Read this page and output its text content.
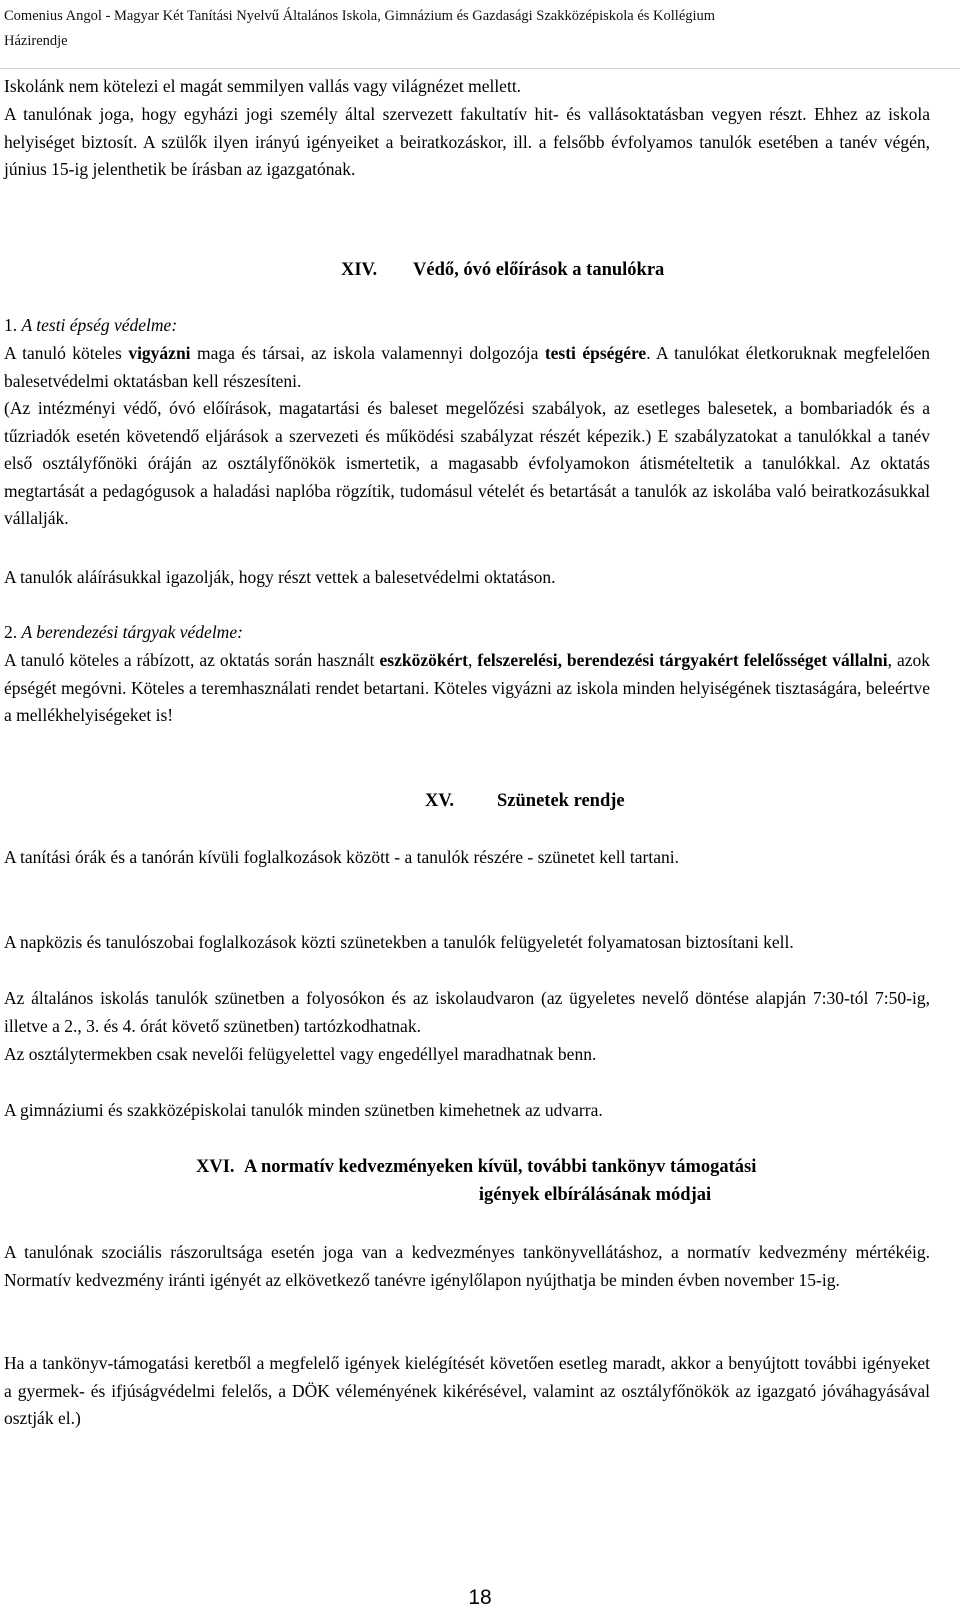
Comenius Angol - Magyar Két Tanítási Nyelvű Általános Iskola, Gimnázium és Gazdasági Szakközépiskola és Kollégium
Házirendje
Iskolánk nem kötelezi el magát semmilyen vallás vagy világnézet mellett.
A tanulónak joga, hogy egyházi jogi személy által szervezett fakultatív hit- és vallásoktatásban vegyen részt. Ehhez az iskola helyiséget biztosít. A szülők ilyen irányú igényeiket a beiratkozáskor, ill. a felsőbb évfolyamos tanulók esetében a tanév végén, június 15-ig jelenthetik be írásban az igazgatónak.
XIV. Védő, óvó előírások a tanulókra
1. A testi épség védelme:
A tanuló köteles vigyázni maga és társai, az iskola valamennyi dolgozója testi épségére. A tanulókat életkoruknak megfelelően balesetvédelmi oktatásban kell részesíteni.
(Az intézményi védő, óvó előírások, magatartási és baleset megelőzési szabályok, az esetleges balesetek, a bombariadók és a tűzriadók esetén követendő eljárások a szervezeti és működési szabályzat részét képezik.) E szabályzatokat a tanulókkal a tanév első osztályfőnöki óráján az osztályfőnökök ismertetik, a magasabb évfolyamokon átismételtetik a tanulókkal. Az oktatás megtartását a pedagógusok a haladási naplóba rögzítik, tudomásul vételét és betartását a tanulók az iskolába való beiratkozásukkal vállalják.
A tanulók aláírásukkal igazolják, hogy részt vettek a balesetvédelmi oktatáson.
2. A berendezési tárgyak védelme:
A tanuló köteles a rábízott, az oktatás során használt eszközökért, felszerelési, berendezési tárgyakért felelősséget vállalni, azok épségét megóvni. Köteles a teremhasználati rendet betartani. Köteles vigyázni az iskola minden helyiségének tisztaságára, beleértve a mellékhelyiségeket is!
XV. Szünetek rendje
A tanítási órák és a tanórán kívüli foglalkozások között - a tanulók részére - szünetet kell tartani.
A napközis és tanulószobai foglalkozások közti szünetekben a tanulók felügyeletét folyamatosan biztosítani kell.
Az általános iskolás tanulók szünetben a folyosókon és az iskolaudvaron (az ügyeletes nevelő döntése alapján 7:30-tól 7:50-ig, illetve a 2., 3. és 4. órát követő szünetben) tartózkodhatnak.
Az osztálytermekben csak nevelői felügyelettel vagy engedéllyel maradhatnak benn.
A gimnáziumi és szakközépiskolai tanulók minden szünetben kimehetnek az udvarra.
XVI. A normatív kedvezményeken kívül, további tankönyv támogatási
igények elbírálásának módjai
A tanulónak szociális rászorultsága esetén joga van a kedvezményes tankönyvellátáshoz, a normatív kedvezmény mértékéig. Normatív kedvezmény iránti igényét az elkövetkező tanévre igénylőlapon nyújthatja be minden évben november 15-ig.
Ha a tankönyv-támogatási keretből a megfelelő igények kielégítését követően esetleg maradt, akkor a benyújtott további igényeket a gyermek- és ifjúságvédelmi felelős, a DÖK véleményének kikérésével, valamint az osztályfőnökök az igazgató jóváhagyásával osztják el.)
18
